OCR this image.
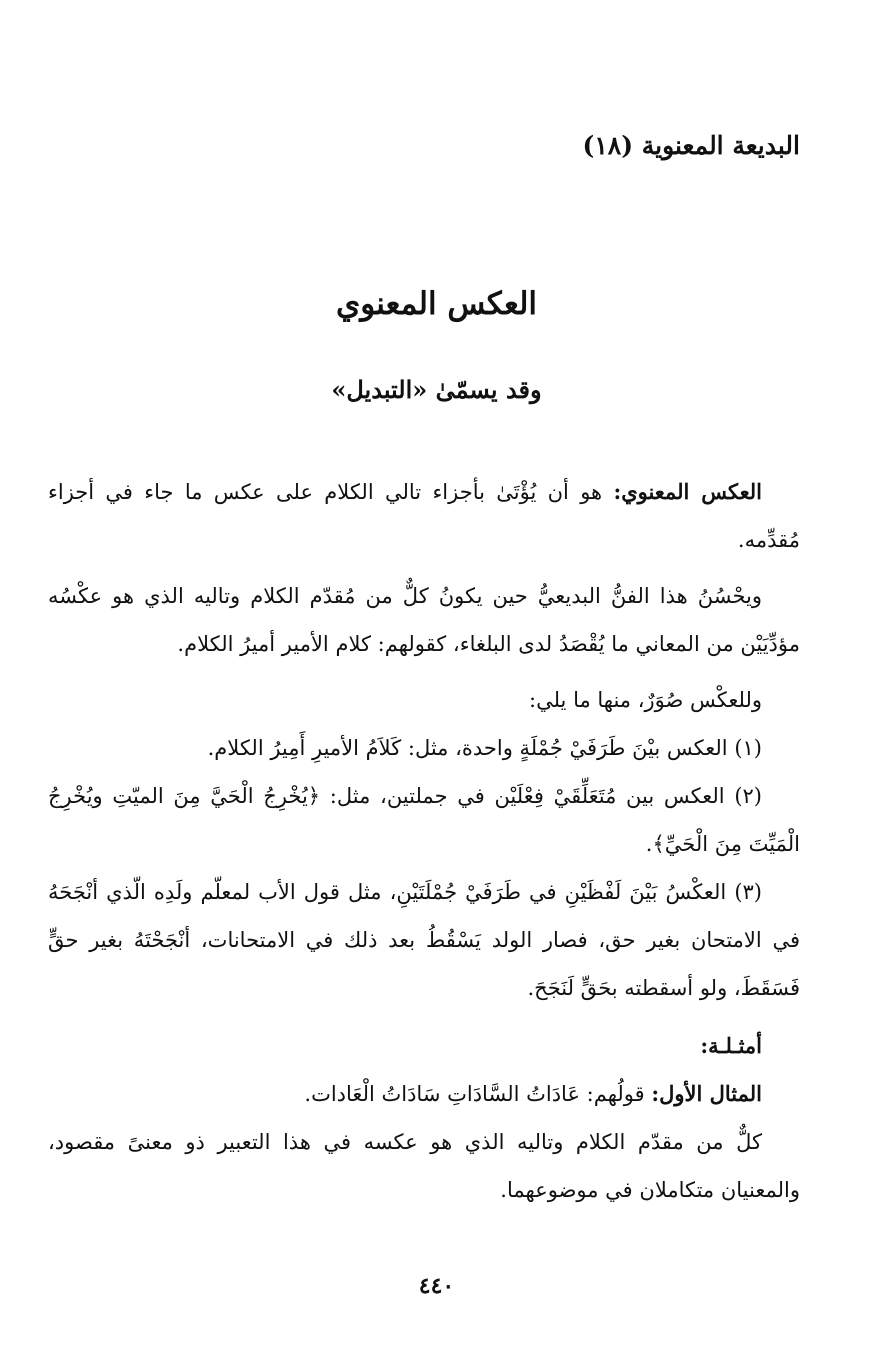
البديعة المعنوية (١٨)
العكس المعنوي
وقد يسمّىٰ «التبديل»

العكس المعنوي: هو أن يُؤْتَىٰ بأجزاء تالي الكلام على عكس ما جاء في أجزاء مُقدِّمه.

ويحْسُنُ هذا الفنُّ البديعيُّ حين يكونُ كلٌّ من مُقدّم الكلام وتاليه الذي هو عكْسُه مؤدِّيَيْن من المعاني ما يُقْصَدُ لدى البلغاء، كقولهم: كلام الأمير أميرُ الكلام.

وللعكْس صُوَرٌ، منها ما يلي:

(١) العكس بيْنَ طَرَفَيْ جُمْلَةٍ واحدة، مثل: كَلاَمُ الأميرِ أَمِيرُ الكلام.

(٢) العكس بين مُتَعَلِّقَيْ فِعْلَيْن في جملتين، مثل: ﴿يُخْرِجُ الْحَيَّ مِنَ الميّتِ ويُخْرِجُ الْمَيِّتَ مِنَ الْحَيِّ﴾.

(٣) العكْسُ بَيْنَ لَفْظَيْنِ في طَرَفَيْ جُمْلَتَيْنِ، مثل قول الأب لمعلّم ولَدِه الّذي أنْجَحَهُ في الامتحان بغير حق، فصار الولد يَسْقُطُ بعد ذلك في الامتحانات، أنْجَحْتَهُ بغير حقٍّ فَسَقَطَ، ولو أسقطته بحَقٍّ لَنَجَحَ.

أمثـلـة:

المثال الأول: قولُهم: عَادَاتُ السَّادَاتِ سَادَاتُ الْعَادات.

كلٌّ من مقدّم الكلام وتاليه الذي هو عكسه في هذا التعبير ذو معنىً مقصود، والمعنيان متكاملان في موضوعهما.

٤٤٠
